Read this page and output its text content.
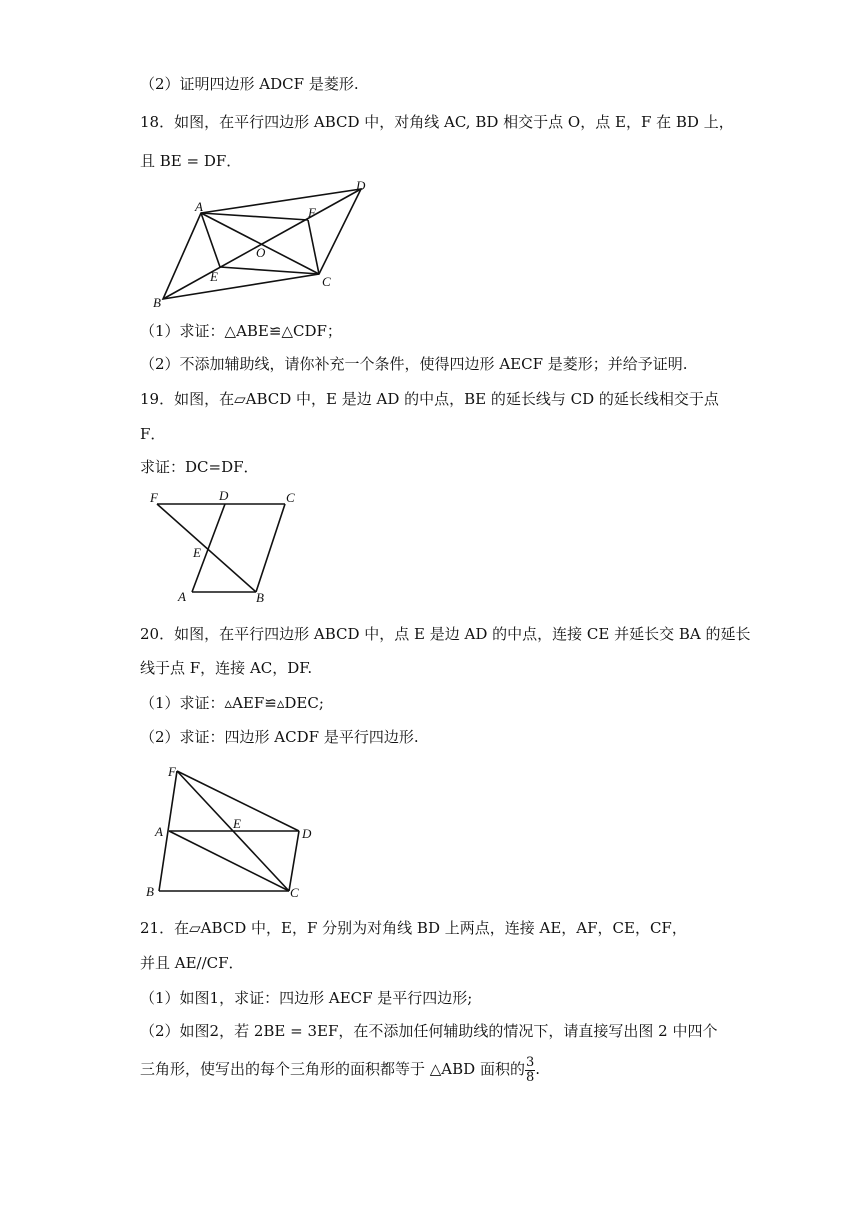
（2）证明四边形 ADCF 是菱形.
18．如图，在平行四边形 ABCD 中，对角线 AC, BD 相交于点 O，点 E，F 在 BD 上，
且 BE = DF．
A
D
F
O
E	C
B
（1）求证：△ABE≌△CDF；
（2）不添加辅助线，请你补充一个条件，使得四边形 AECF 是菱形；并给予证明.
19．如图，在▱ABCD 中，E 是边 AD 的中点，BE 的延长线与 CD 的延长线相交于点
F．
求证：DC=DF．
F	D	C
E
A	B
20．如图，在平行四边形 ABCD 中，点 E 是边 AD 的中点，连接 CE 并延长交 BA 的延长
线于点 F，连接 AC，DF.
（1）求证：▵AEF≌▵DEC;
（2）求证：四边形 ACDF 是平行四边形.
F
A
E
D
B	C
21．在▱ABCD 中，E，F 分别为对角线 BD 上两点，连接 AE，AF，CE，CF，
并且 AE//CF．
（1）如图1，求证：四边形 AECF 是平行四边形;
（2）如图2，若 2BE = 3EF，在不添加任何辅助线的情况下，请直接写出图 2 中四个
三角形，使写出的每个三角形的面积都等于 △ABD 面积的 $\frac{3}{8}$ .
